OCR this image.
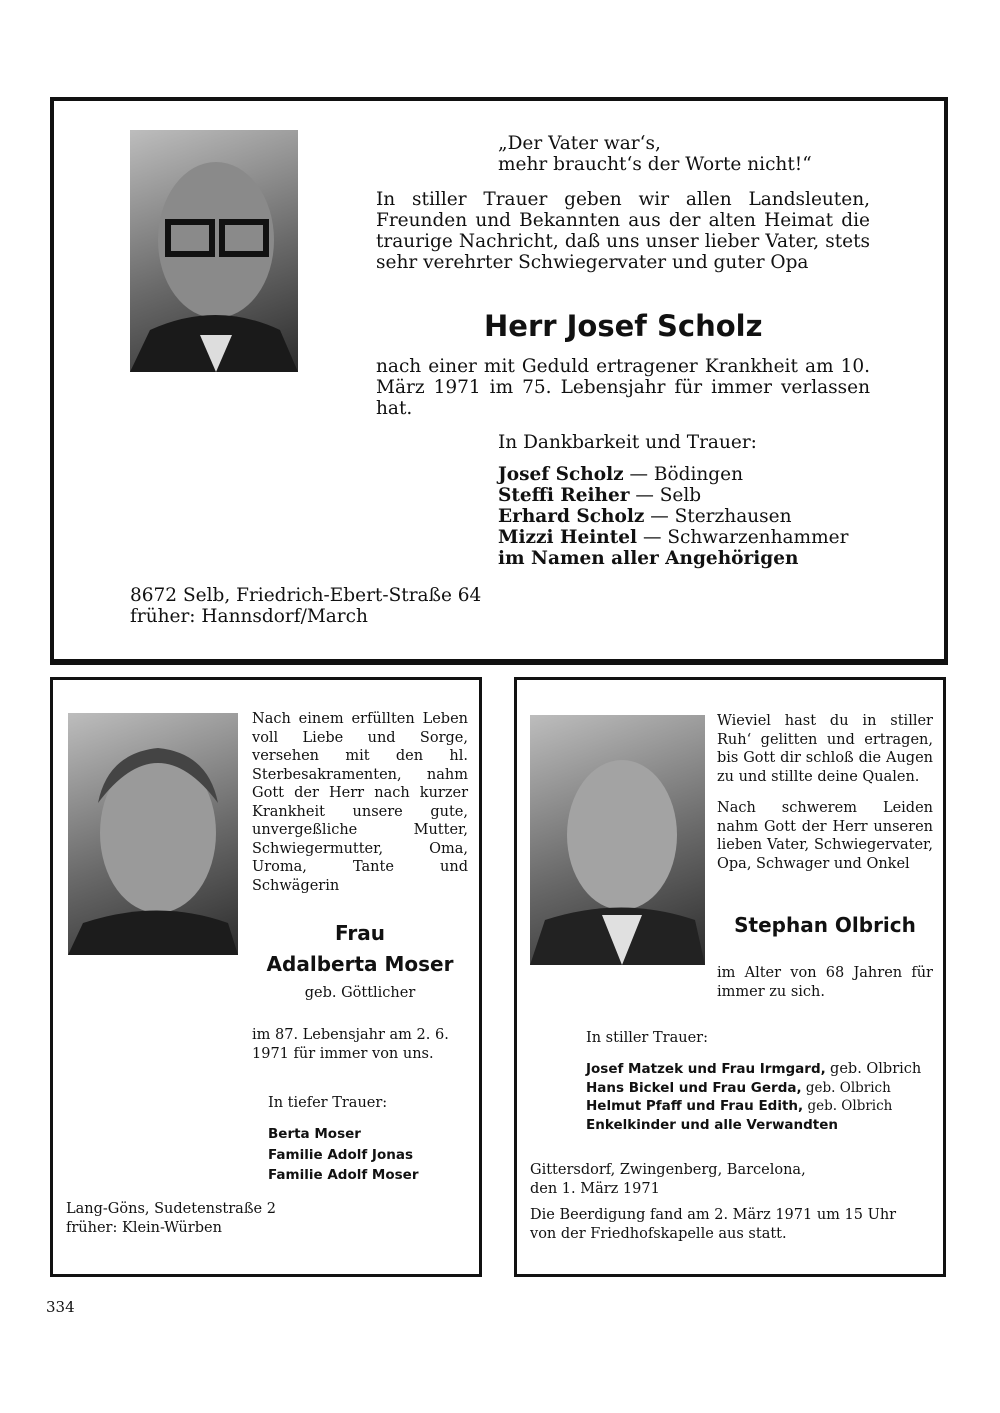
„Der Vater war‘s,
mehr braucht‘s der Worte nicht!“
In stiller Trauer geben wir allen Landsleuten, Freunden und Bekannten aus der alten Heimat die traurige Nachricht, daß uns unser lieber Vater, stets sehr verehrter Schwiegervater und guter Opa
Herr Josef Scholz
nach einer mit Geduld ertragener Krankheit am 10. März 1971 im 75. Lebensjahr für immer verlassen hat.
In Dankbarkeit und Trauer:
Josef Scholz — Bödingen
Steffi Reiher — Selb
Erhard Scholz — Sterzhausen
Mizzi Heintel — Schwarzenhammer
im Namen aller Angehörigen
8672 Selb, Friedrich-Ebert-Straße 64
früher: Hannsdorf/March
Nach einem erfüllten Leben voll Liebe und Sorge, versehen mit den hl. Sterbesakramenten, nahm Gott der Herr nach kurzer Krankheit unsere gute, unvergeßliche Mutter, Schwiegermutter, Oma, Uroma, Tante und Schwägerin
Frau
Adalberta Moser
geb. Göttlicher
im 87. Lebensjahr am 2. 6.
1971 für immer von uns.
In tiefer Trauer:
Berta Moser
Familie Adolf Jonas
Familie Adolf Moser
Lang-Göns, Sudetenstraße 2
früher: Klein-Würben
Wieviel hast du in stiller Ruh‘ gelitten und ertragen, bis Gott dir schloß die Augen zu und stillte deine Qualen.
Nach schwerem Leiden nahm Gott der Herr unseren lieben Vater, Schwiegervater, Opa, Schwager und Onkel
Stephan Olbrich
im Alter von 68 Jahren für immer zu sich.
In stiller Trauer:
Josef Matzek und Frau Irmgard, geb. Olbrich
Hans Bickel und Frau Gerda, geb. Olbrich
Helmut Pfaff und Frau Edith, geb. Olbrich
Enkelkinder und alle Verwandten
Gittersdorf, Zwingenberg, Barcelona,
den 1. März 1971
Die Beerdigung fand am 2. März 1971 um 15 Uhr
von der Friedhofskapelle aus statt.
334
